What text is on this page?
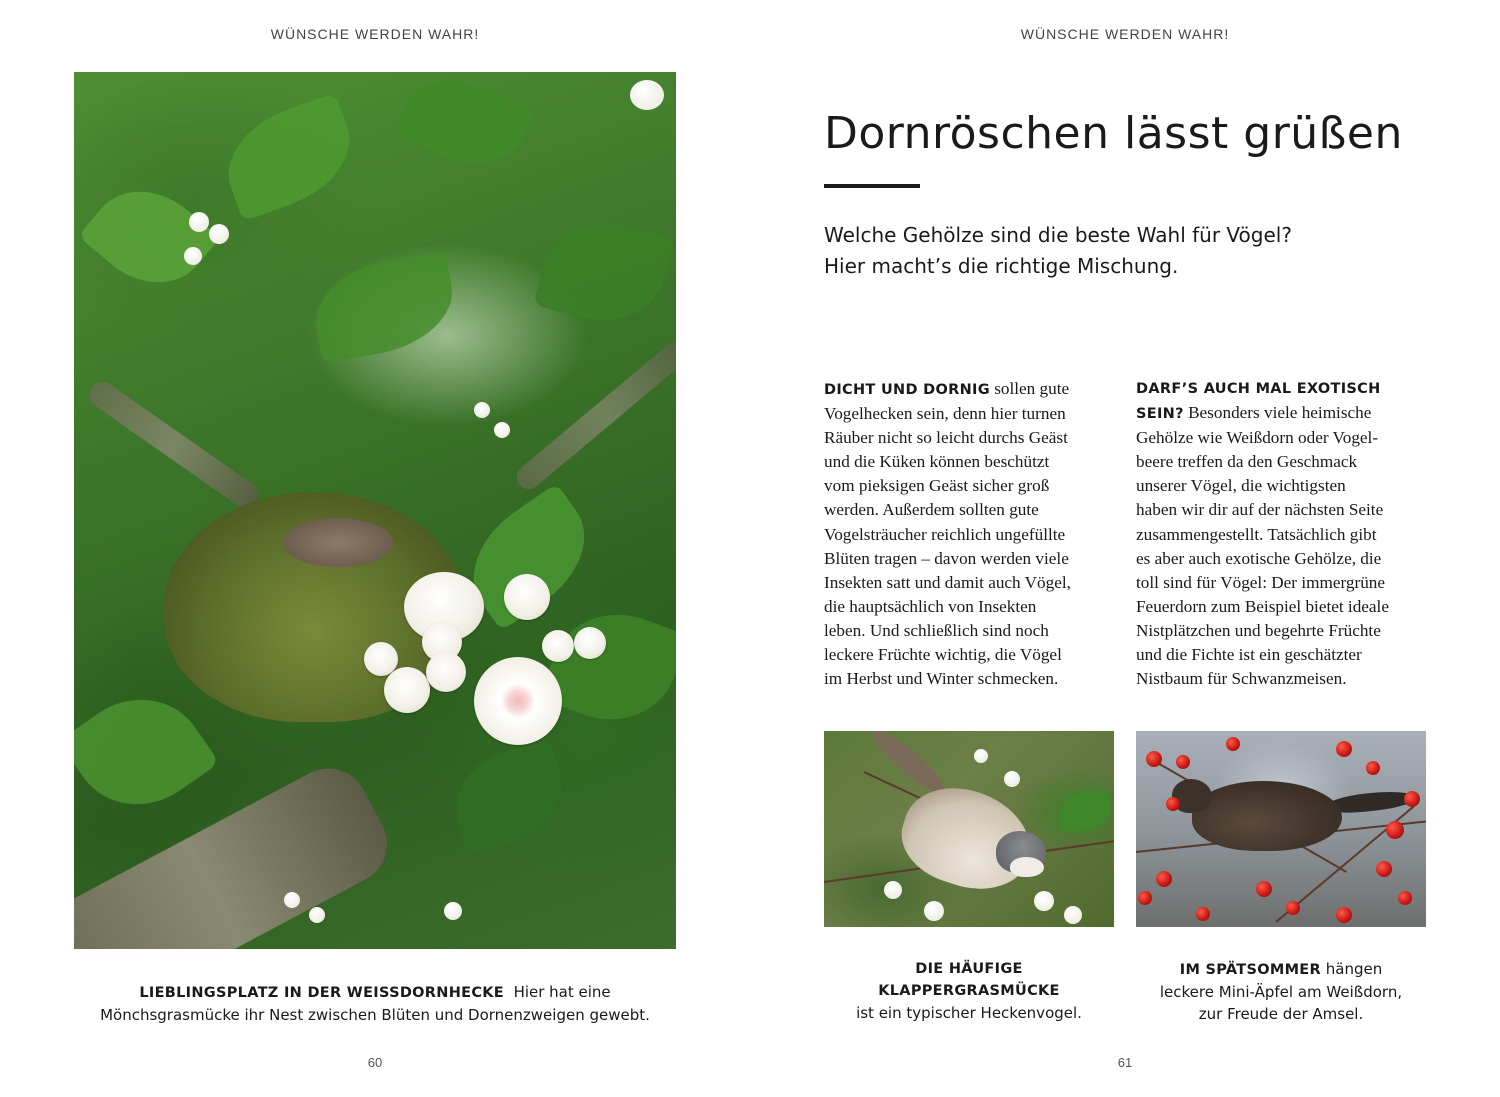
WÜNSCHE WERDEN WAHR!
LIEBLINGSPLATZ IN DER WEISSDORNHECKE Hier hat eine
Mönchsgrasmücke ihr Nest zwischen Blüten und Dornenzweigen gewebt.
60
WÜNSCHE WERDEN WAHR!
Dornröschen lässt grüßen
Welche Gehölze sind die beste Wahl für Vögel?
Hier macht’s die richtige Mischung.
DICHT UND DORNIG sollen gute
Vogelhecken sein, denn hier turnen
Räuber nicht so leicht durchs Geäst
und die Küken können beschützt
vom pieksigen Geäst sicher groß
werden. Außerdem sollten gute
Vogelsträucher reichlich ungefüllte
Blüten tragen – davon werden viele
Insekten satt und damit auch Vögel,
die hauptsächlich von Insekten
leben. Und schließlich sind noch
leckere Früchte wichtig, die Vögel
im Herbst und Winter schmecken.
DARF’S AUCH MAL EXOTISCH
SEIN? Besonders viele heimische
Gehölze wie Weißdorn oder Vogel-
beere treffen da den Geschmack
unserer Vögel, die wichtigsten
haben wir dir auf der nächsten Seite
zusammengestellt. Tatsächlich gibt
es aber auch exotische Gehölze, die
toll sind für Vögel: Der immergrüne
Feuerdorn zum Beispiel bietet ideale
Nistplätzchen und begehrte Früchte
und die Fichte ist ein geschätzter
Nistbaum für Schwanzmeisen.
DIE HÄUFIGE
KLAPPERGRASMÜCKE
ist ein typischer Heckenvogel.
IM SPÄTSOMMER hängen
leckere Mini-Äpfel am Weißdorn,
zur Freude der Amsel.
61
